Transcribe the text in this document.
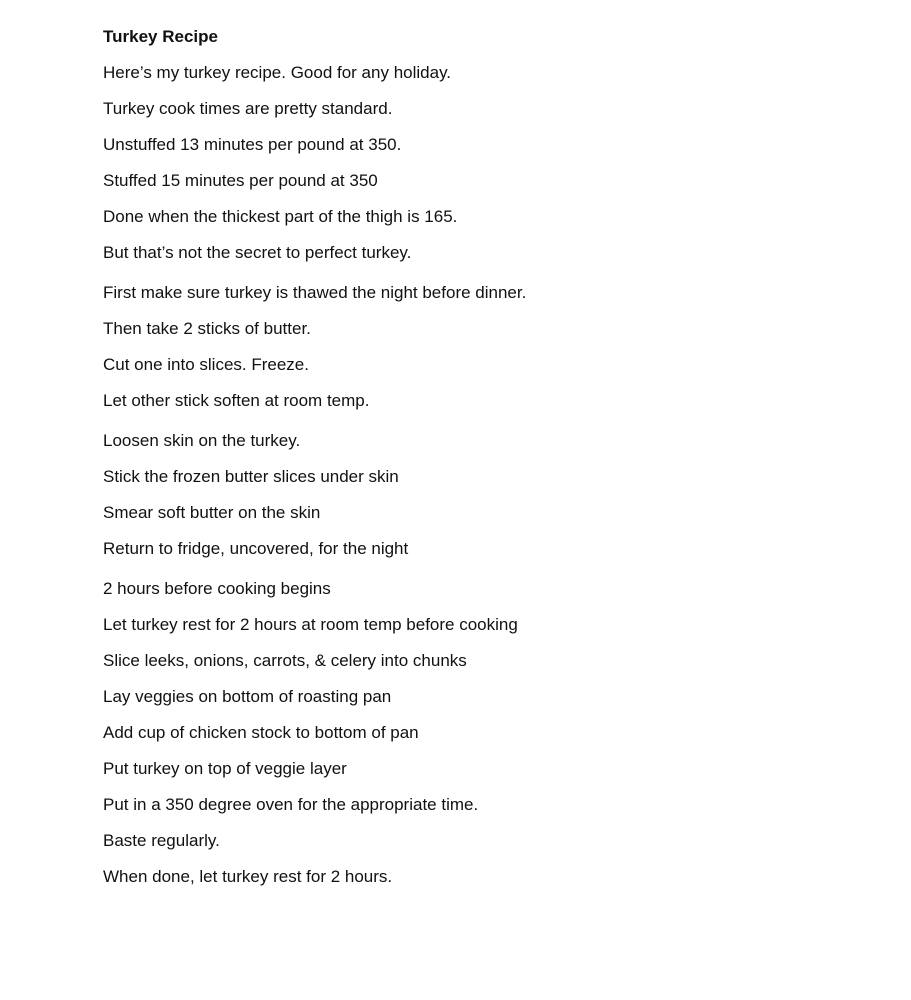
Turkey Recipe
Here’s my turkey recipe. Good for any holiday.
Turkey cook times are pretty standard.
Unstuffed 13 minutes per pound at 350.
Stuffed 15 minutes per pound at 350
Done when the thickest part of the thigh is 165.
But that’s not the secret to perfect turkey.
First make sure turkey is thawed the night before dinner.
Then take 2 sticks of butter.
Cut one into slices. Freeze.
Let other stick soften at room temp.
Loosen skin on the turkey.
Stick the frozen butter slices under skin
Smear soft butter on the skin
Return to fridge, uncovered, for the night
2 hours before cooking begins
Let turkey rest for 2 hours at room temp before cooking
Slice leeks, onions, carrots, & celery into chunks
Lay veggies on bottom of roasting pan
Add cup of chicken stock to bottom of pan
Put turkey on top of veggie layer
Put in a 350 degree oven for the appropriate time.
Baste regularly.
When done, let turkey rest for 2 hours.
